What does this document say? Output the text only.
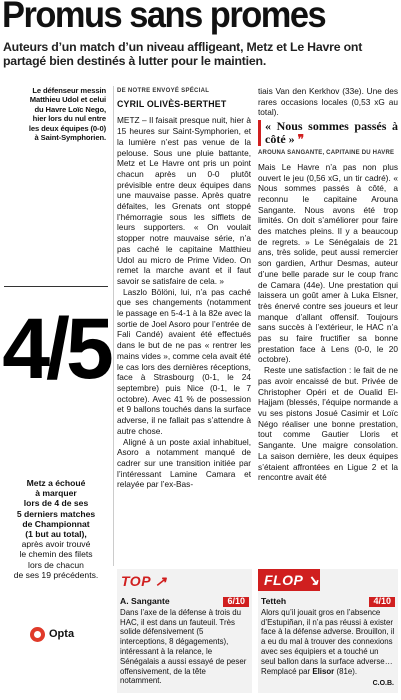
Promus sans promes
Auteurs d’un match d’un niveau affligeant, Metz et Le Havre ont partagé bien destinés à lutter pour le maintien.
Le défenseur messin
Matthieu Udol et celui
du Havre Loïc Nego,
hier lors du nul entre
les deux équipes (0-0)
à Saint-Symphorien.
4/5
Metz a échoué
à marquer
lors de 4 de ses
5 derniers matches
de Championnat
(1 but au total),
après avoir trouvé
le chemin des filets
lors de chacun
de ses 19 précédents.
Opta
DE NOTRE ENVOYÉ SPÉCIAL
CYRIL OLIVÈS-BERTHET

METZ – Il faisait presque nuit, hier à 15 heures sur Saint-Symphorien, et la lumière n’est pas venue de la pelouse. Sous une pluie battante, Metz et Le Havre ont pris un point chacun après un 0-0 plutôt prévisible entre deux équipes dans une mauvaise passe. Après quatre défaites, les Grenats ont stoppé l’hémorragie sous les sifflets de leurs supporters. « On voulait stopper notre mauvaise série, n’a pas caché le capitaine Matthieu Udol au micro de Prime Video. On remet la marche avant et il faut savoir se satisfaire de cela. »

Laszlo Bölöni, lui, n’a pas caché que ses changements (notamment le passage en 5-4-1 à la 82e avec la sortie de Joel Asoro pour l’entrée de Fali Candé) avaient été effectués dans le but de ne pas « rentrer les mains vides », comme cela avait été le cas lors des dernières réceptions, face à Strasbourg (0-1, le 24 septembre) puis Nice (0-1, le 7 octobre). Avec 41 % de possession et 9 ballons touchés dans la surface adverse, il ne fallait pas s’attendre à autre chose.

Aligné à un poste axial inhabituel, Asoro a notamment manqué de cadrer sur une transition initiée par l’intéressant Lamine Camara et relayée par l’ex-Bas-

tiais Van den Kerkhov (33e). Une des rares occasions locales (0,53 xG au total).

« Nous sommes passés à côté » ❞
AROUNA SANGANTE, CAPITAINE DU HAVRE

Mais Le Havre n’a pas non plus ouvert le jeu (0,56 xG, un tir cadré). « Nous sommes passés à côté, a reconnu le capitaine Arouna Sangante. Nous avons été trop limités. On doit s’améliorer pour faire des matches pleins. Il y a beaucoup de regrets. » Le Sénégalais de 21 ans, très solide, peut aussi remercier son gardien, Arthur Desmas, auteur d’une belle parade sur le coup franc de Camara (44e). Une prestation qui laissera un goût amer à Luka Elsner, très énervé contre ses joueurs et leur manque d’allant offensif. Toujours sans succès à l’extérieur, le HAC n’a pas su faire fructifier sa bonne prestation face à Lens (0-0, le 20 octobre).

Reste une satisfaction : le fait de ne pas avoir encaissé de but. Privée de Christopher Opéri et de Oualid El-Hajjam (blessés, l’équipe normande a vu ses pistons Josué Casimir et Loïc Négo réaliser une bonne prestation, tout comme Gautier Lloris et Sangante. Une maigre consolation. La saison dernière, les deux équipes s’étaient affrontées en Ligue 2 et la rencontre avait été

TOP ↗
A. Sangante	6/10
Dans l’axe de la défense à trois du HAC, il est dans un fauteuil. Très solide défensivement (5 interceptions, 8 dégagements), intéressant à la relance, le Sénégalais a aussi essayé de peser offensivement, de la tête notamment.
FLOP ↘
Tetteh	4/10
Alors qu’il jouait gros en l’absence d’Estupiñan, il n’a pas réussi à exister face à la défense adverse. Brouillon, il a eu du mal à trouver des connexions avec ses équipiers et a touché un seul ballon dans la surface adverse… Remplacé par Elisor (81e).
C.O.B.
